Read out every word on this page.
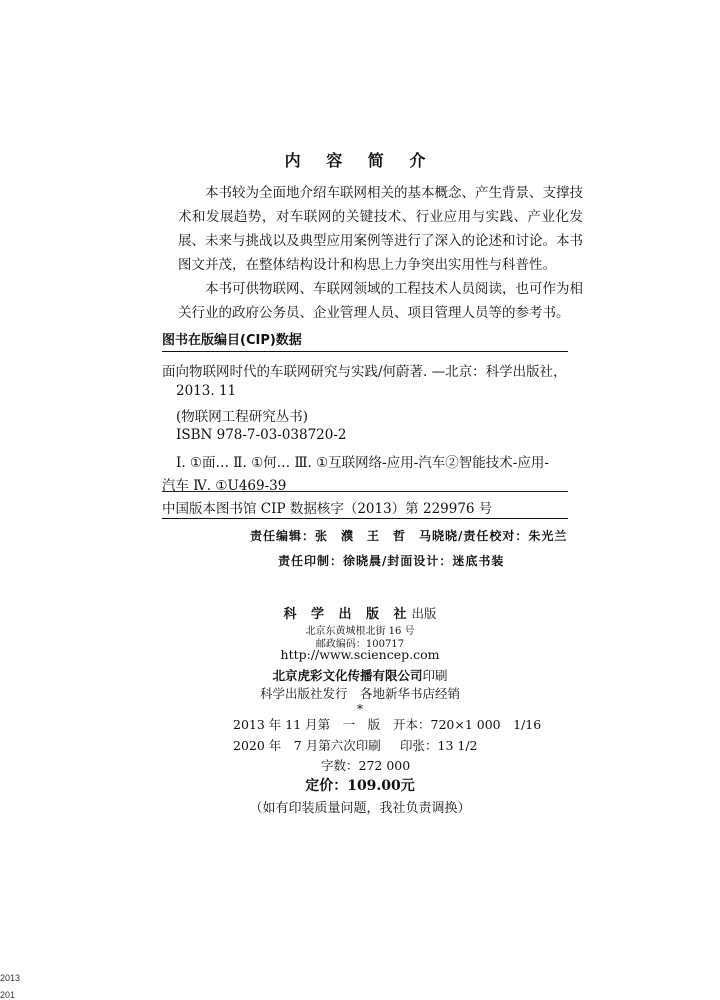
内 容 简 介

本书较为全面地介绍车联网相关的基本概念、产生背景、支撑技术和发展趋势，对车联网的关键技术、行业应用与实践、产业化发展、未来与挑战以及典型应用案例等进行了深入的论述和讨论。本书图文并茂，在整体结构设计和构思上力争突出实用性与科普性。

本书可供物联网、车联网领域的工程技术人员阅读，也可作为相关行业的政府公务员、企业管理人员、项目管理人员等的参考书。

图书在版编目(CIP)数据
面向物联网时代的车联网研究与实践/何蔚著. —北京：科学出版社，
2013. 11
(物联网工程研究丛书)
ISBN 978-7-03-038720-2
Ⅰ. ①面… Ⅱ. ①何… Ⅲ. ①互联网络-应用-汽车②智能技术-应用-
汽车 Ⅳ. ①U469-39
中国版本图书馆 CIP 数据核字（2013）第 229976 号
责任编辑：张　濮　王　哲　马晓晓/责任校对：朱光兰
责任印制：徐晓晨/封面设计：迷底书装
科 学 出 版 社出版
北京东黄城根北街 16 号
邮政编码：100717
http://www.sciencep.com
北京虎彩文化传播有限公司印刷
科学出版社发行　各地新华书店经销
*
2013 年 11 月第　一　版 开本：720×1 000　1/16
2020 年　7 月第六次印刷 印张：13 1/2
字数：272 000
定价：109.00元
（如有印装质量问题，我社负责调换）
2013
201
